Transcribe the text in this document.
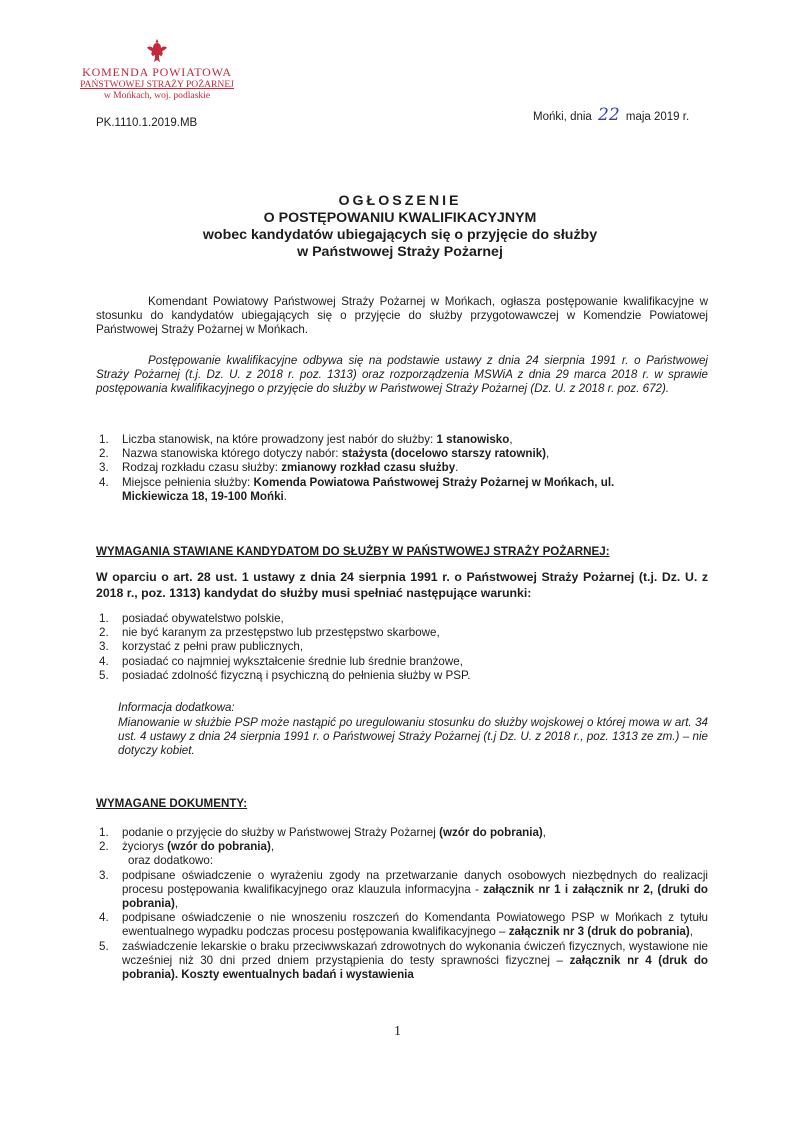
KOMENDA POWIATOWA
PAŃSTWOWEJ STRAŻY POŻARNEJ
w Mońkach, woj. podlaskie
PK.1110.1.2019.MB	Mońki, dnia 22 maja 2019 r.
OGŁOSZENIE
O POSTĘPOWANIU KWALIFIKACYJNYM
wobec kandydatów ubiegających się o przyjęcie do służby
w Państwowej Straży Pożarnej
Komendant Powiatowy Państwowej Straży Pożarnej w Mońkach, ogłasza postępowanie kwalifikacyjne w stosunku do kandydatów ubiegających się o przyjęcie do służby przygotowawczej w Komendzie Powiatowej Państwowej Straży Pożarnej w Mońkach.
Postępowanie kwalifikacyjne odbywa się na podstawie ustawy z dnia 24 sierpnia 1991 r. o Państwowej Straży Pożarnej (t.j. Dz. U. z 2018 r. poz. 1313) oraz rozporządzenia MSWiA z dnia 29 marca 2018 r. w sprawie postępowania kwalifikacyjnego o przyjęcie do służby w Państwowej Straży Pożarnej (Dz. U. z 2018 r. poz. 672).
1. Liczba stanowisk, na które prowadzony jest nabór do służby: 1 stanowisko,
2. Nazwa stanowiska którego dotyczy nabór: stażysta (docelowo starszy ratownik),
3. Rodzaj rozkładu czasu służby: zmianowy rozkład czasu służby.
4. Miejsce pełnienia służby: Komenda Powiatowa Państwowej Straży Pożarnej w Mońkach, ul. Mickiewicza 18, 19-100 Mońki.
WYMAGANIA STAWIANE KANDYDATOM DO SŁUŻBY W PAŃSTWOWEJ STRAŻY POŻARNEJ:
W oparciu o art. 28 ust. 1 ustawy z dnia 24 sierpnia 1991 r. o Państwowej Straży Pożarnej (t.j. Dz. U. z 2018 r., poz. 1313) kandydat do służby musi spełniać następujące warunki:
1. posiadać obywatelstwo polskie,
2. nie być karanym za przestępstwo lub przestępstwo skarbowe,
3. korzystać z pełni praw publicznych,
4. posiadać co najmniej wykształcenie średnie lub średnie branżowe,
5. posiadać zdolność fizyczną i psychiczną do pełnienia służby w PSP.
Informacja dodatkowa:
Mianowanie w służbie PSP może nastąpić po uregulowaniu stosunku do służby wojskowej o której mowa w art. 34 ust. 4 ustawy z dnia 24 sierpnia 1991 r. o Państwowej Straży Pożarnej (t.j Dz. U. z 2018 r., poz. 1313 ze zm.) – nie dotyczy kobiet.
WYMAGANE DOKUMENTY:
1. podanie o przyjęcie do służby w Państwowej Straży Pożarnej (wzór do pobrania),
2. życiorys (wzór do pobrania),
oraz dodatkowo:
3. podpisane oświadczenie o wyrażeniu zgody na przetwarzanie danych osobowych niezbędnych do realizacji procesu postępowania kwalifikacyjnego oraz klauzula informacyjna - załącznik nr 1 i załącznik nr 2, (druki do pobrania),
4. podpisane oświadczenie o nie wnoszeniu roszczeń do Komendanta Powiatowego PSP w Mońkach z tytułu ewentualnego wypadku podczas procesu postępowania kwalifikacyjnego – załącznik nr 3 (druk do pobrania),
5. zaświadczenie lekarskie o braku przeciwwskazań zdrowotnych do wykonania ćwiczeń fizycznych, wystawione nie wcześniej niż 30 dni przed dniem przystąpienia do testy sprawności fizycznej – załącznik nr 4 (druk do pobrania). Koszty ewentualnych badań i wystawienia
1
